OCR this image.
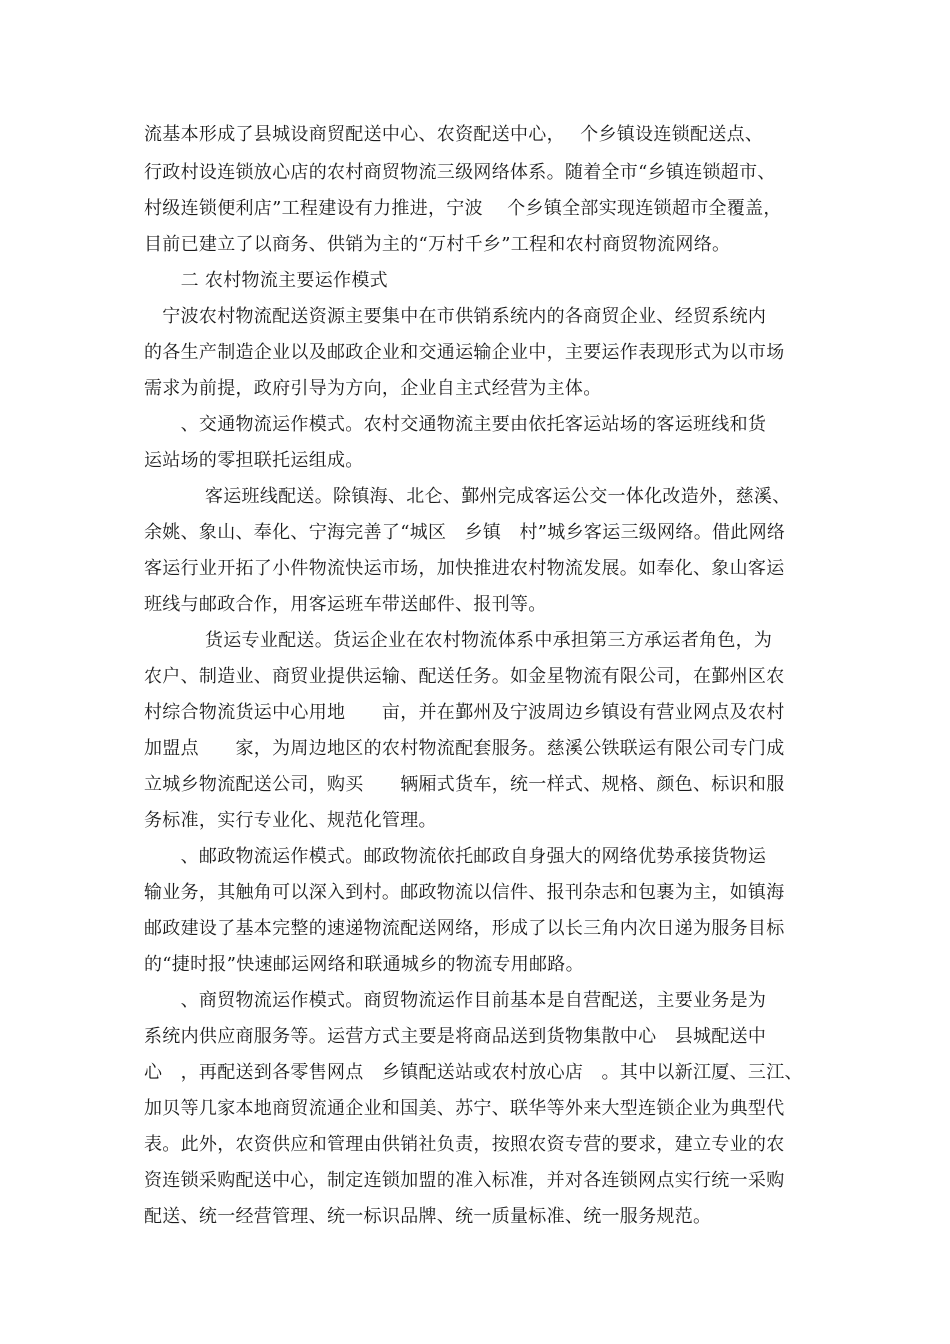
流基本形成了县城设商贸配送中心、农资配送中心，　 个乡镇设连锁配送点、
行政村设连锁放心店的农村商贸物流三级网络体系。随着全市“乡镇连锁超市、
村级连锁便利店”工程建设有力推进，宁波　 个乡镇全部实现连锁超市全覆盖，
目前已建立了以商务、供销为主的“万村千乡”工程和农村商贸物流网络。
　　二 农村物流主要运作模式
　宁波农村物流配送资源主要集中在市供销系统内的各商贸企业、经贸系统内
的各生产制造企业以及邮政企业和交通运输企业中，主要运作表现形式为以市场
需求为前提，政府引导为方向，企业自主式经营为主体。
　　、交通物流运作模式。农村交通物流主要由依托客运站场的客运班线和货
运站场的零担联托运组成。
　　　 客运班线配送。除镇海、北仑、鄞州完成客运公交一体化改造外，慈溪、
余姚、象山、奉化、宁海完善了“城区　乡镇　村”城乡客运三级网络。借此网络
客运行业开拓了小件物流快运市场，加快推进农村物流发展。如奉化、象山客运
班线与邮政合作，用客运班车带送邮件、报刊等。
　　　 货运专业配送。货运企业在农村物流体系中承担第三方承运者角色，为
农户、制造业、商贸业提供运输、配送任务。如金星物流有限公司，在鄞州区农
村综合物流货运中心用地　　亩，并在鄞州及宁波周边乡镇设有营业网点及农村
加盟点　　家，为周边地区的农村物流配套服务。慈溪公铁联运有限公司专门成
立城乡物流配送公司，购买　　辆厢式货车，统一样式、规格、颜色、标识和服
务标准，实行专业化、规范化管理。
　　、邮政物流运作模式。邮政物流依托邮政自身强大的网络优势承接货物运
输业务，其触角可以深入到村。邮政物流以信件、报刊杂志和包裹为主，如镇海
邮政建设了基本完整的速递物流配送网络，形成了以长三角内次日递为服务目标
的“捷时报”快速邮运网络和联通城乡的物流专用邮路。
　　、商贸物流运作模式。商贸物流运作目前基本是自营配送，主要业务是为
系统内供应商服务等。运营方式主要是将商品送到货物集散中心　县城配送中
心　，再配送到各零售网点　乡镇配送站或农村放心店　。其中以新江厦、三江、
加贝等几家本地商贸流通企业和国美、苏宁、联华等外来大型连锁企业为典型代
表。此外，农资供应和管理由供销社负责，按照农资专营的要求，建立专业的农
资连锁采购配送中心，制定连锁加盟的准入标准，并对各连锁网点实行统一采购
配送、统一经营管理、统一标识品牌、统一质量标准、统一服务规范。
